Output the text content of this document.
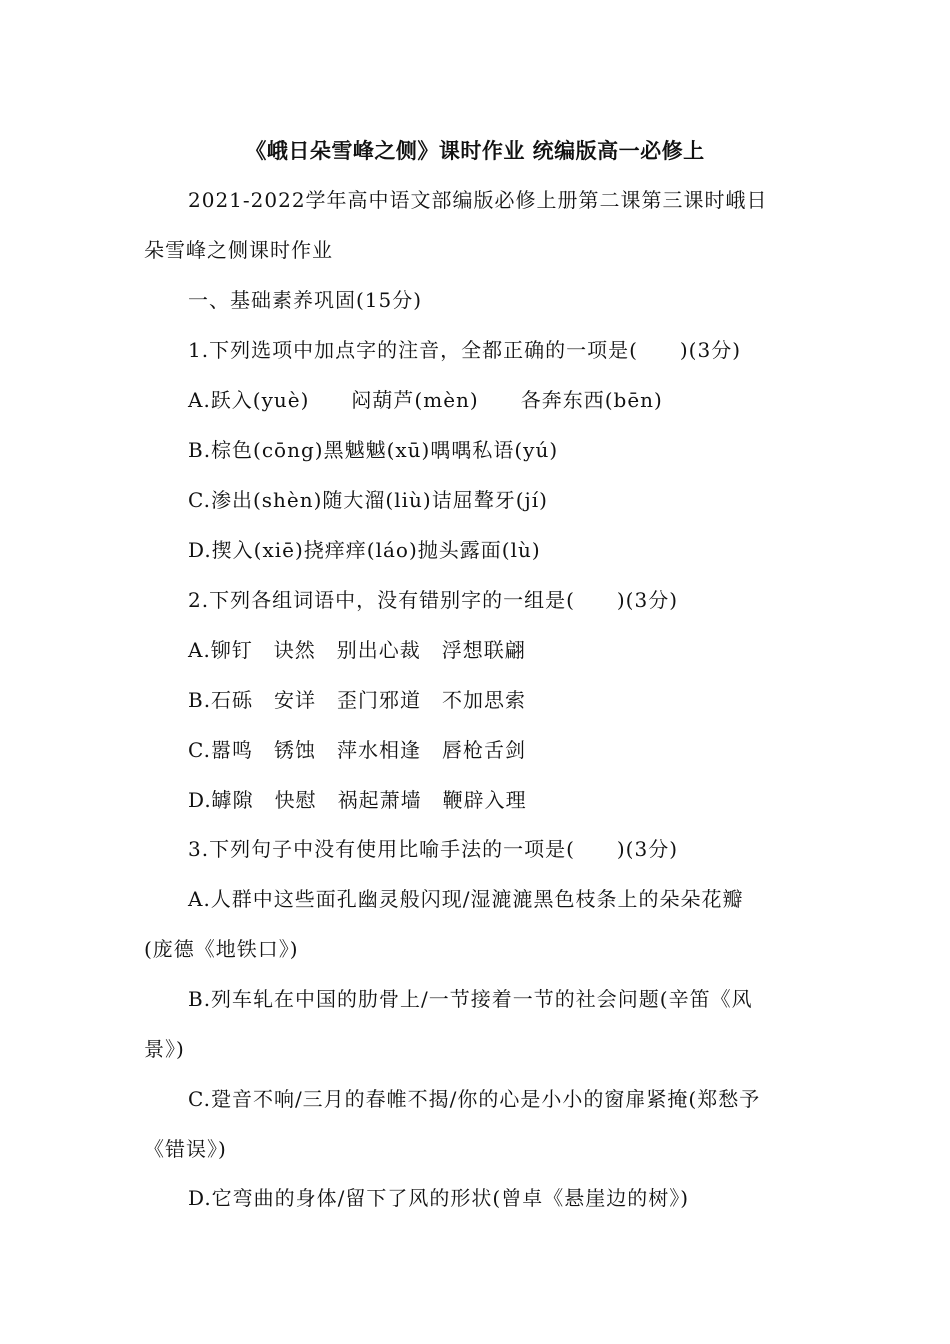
《峨日朵雪峰之侧》课时作业 统编版高一必修上
2021-2022学年高中语文部编版必修上册第二课第三课时峨日
朵雪峰之侧课时作业
一、基础素养巩固(15分)
1.下列选项中加点字的注音，全都正确的一项是(　　)(3分)
A.跃入(yuè)　　闷葫芦(mèn)　　各奔东西(bēn)
B.棕色(cōng)黑魆魆(xū)喁喁私语(yú)
C.渗出(shèn)随大溜(liù)诘屈聱牙(jí)
D.揳入(xiē)挠痒痒(láo)抛头露面(lù)
2.下列各组词语中，没有错别字的一组是(　　)(3分)
A.铆钉　诀然　别出心裁　浮想联翩
B.石砾　安详　歪门邪道　不加思索
C.嚣鸣　锈蚀　萍水相逢　唇枪舌剑
D.罅隙　快慰　祸起萧墙　鞭辟入理
3.下列句子中没有使用比喻手法的一项是(　　)(3分)
A.人群中这些面孔幽灵般闪现/湿漉漉黑色枝条上的朵朵花瓣
(庞德《地铁口》)
B.列车轧在中国的肋骨上/一节接着一节的社会问题(辛笛《风
景》)
C.跫音不响/三月的春帷不揭/你的心是小小的窗扉紧掩(郑愁予
《错误》)
D.它弯曲的身体/留下了风的形状(曾卓《悬崖边的树》)
